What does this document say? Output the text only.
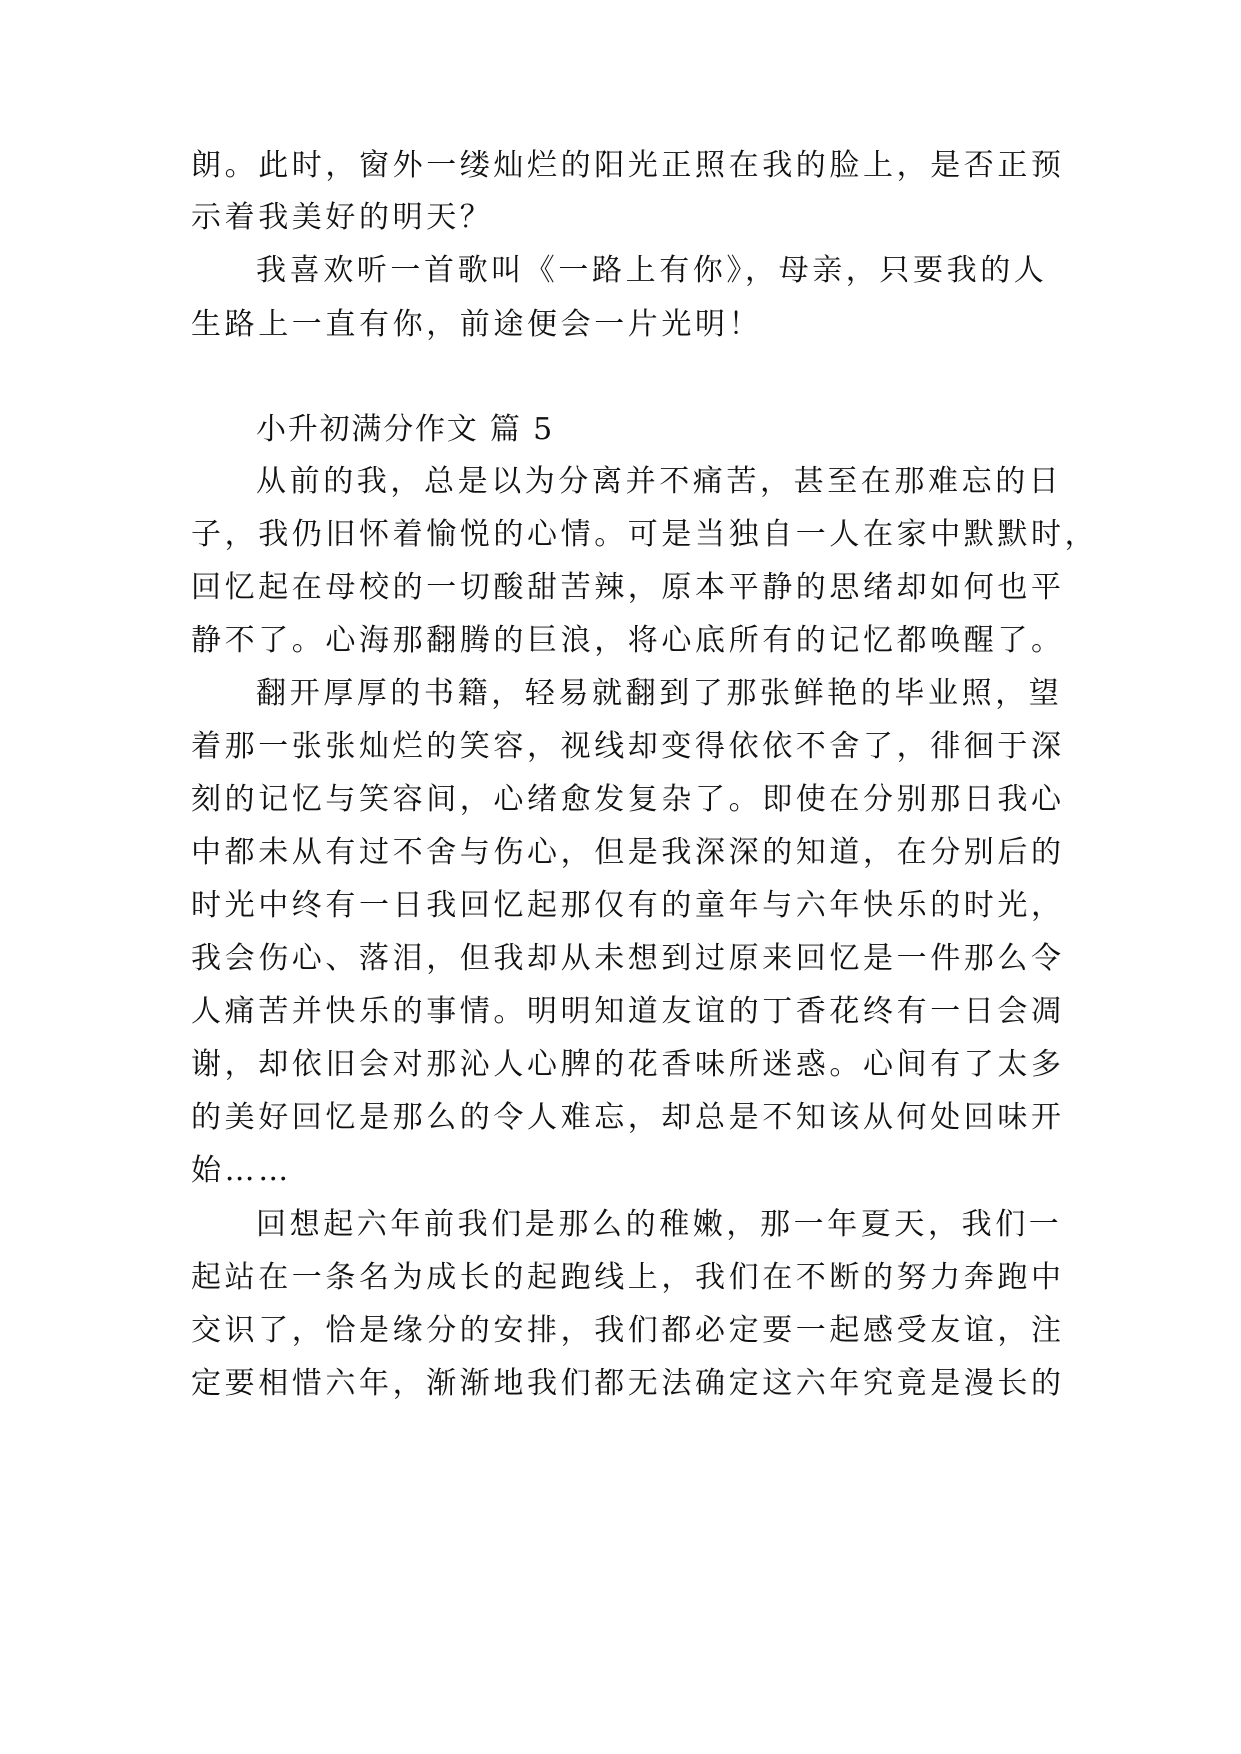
朗。此时，窗外一缕灿烂的阳光正照在我的脸上，是否正预
示着我美好的明天？
我喜欢听一首歌叫《一路上有你》，母亲，只要我的人
生路上一直有你，前途便会一片光明！
小升初满分作文 篇 5
从前的我，总是以为分离并不痛苦，甚至在那难忘的日
子，我仍旧怀着愉悦的心情。可是当独自一人在家中默默时，
回忆起在母校的一切酸甜苦辣，原本平静的思绪却如何也平
静不了。心海那翻腾的巨浪，将心底所有的记忆都唤醒了。
翻开厚厚的书籍，轻易就翻到了那张鲜艳的毕业照，望
着那一张张灿烂的笑容，视线却变得依依不舍了，徘徊于深
刻的记忆与笑容间，心绪愈发复杂了。即使在分别那日我心
中都未从有过不舍与伤心，但是我深深的知道，在分别后的
时光中终有一日我回忆起那仅有的童年与六年快乐的时光，
我会伤心、落泪，但我却从未想到过原来回忆是一件那么令
人痛苦并快乐的事情。明明知道友谊的丁香花终有一日会凋
谢，却依旧会对那沁人心脾的花香味所迷惑。心间有了太多
的美好回忆是那么的令人难忘，却总是不知该从何处回味开
始……
回想起六年前我们是那么的稚嫩，那一年夏天，我们一
起站在一条名为成长的起跑线上，我们在不断的努力奔跑中
交识了，恰是缘分的安排，我们都必定要一起感受友谊，注
定要相惜六年，渐渐地我们都无法确定这六年究竟是漫长的
